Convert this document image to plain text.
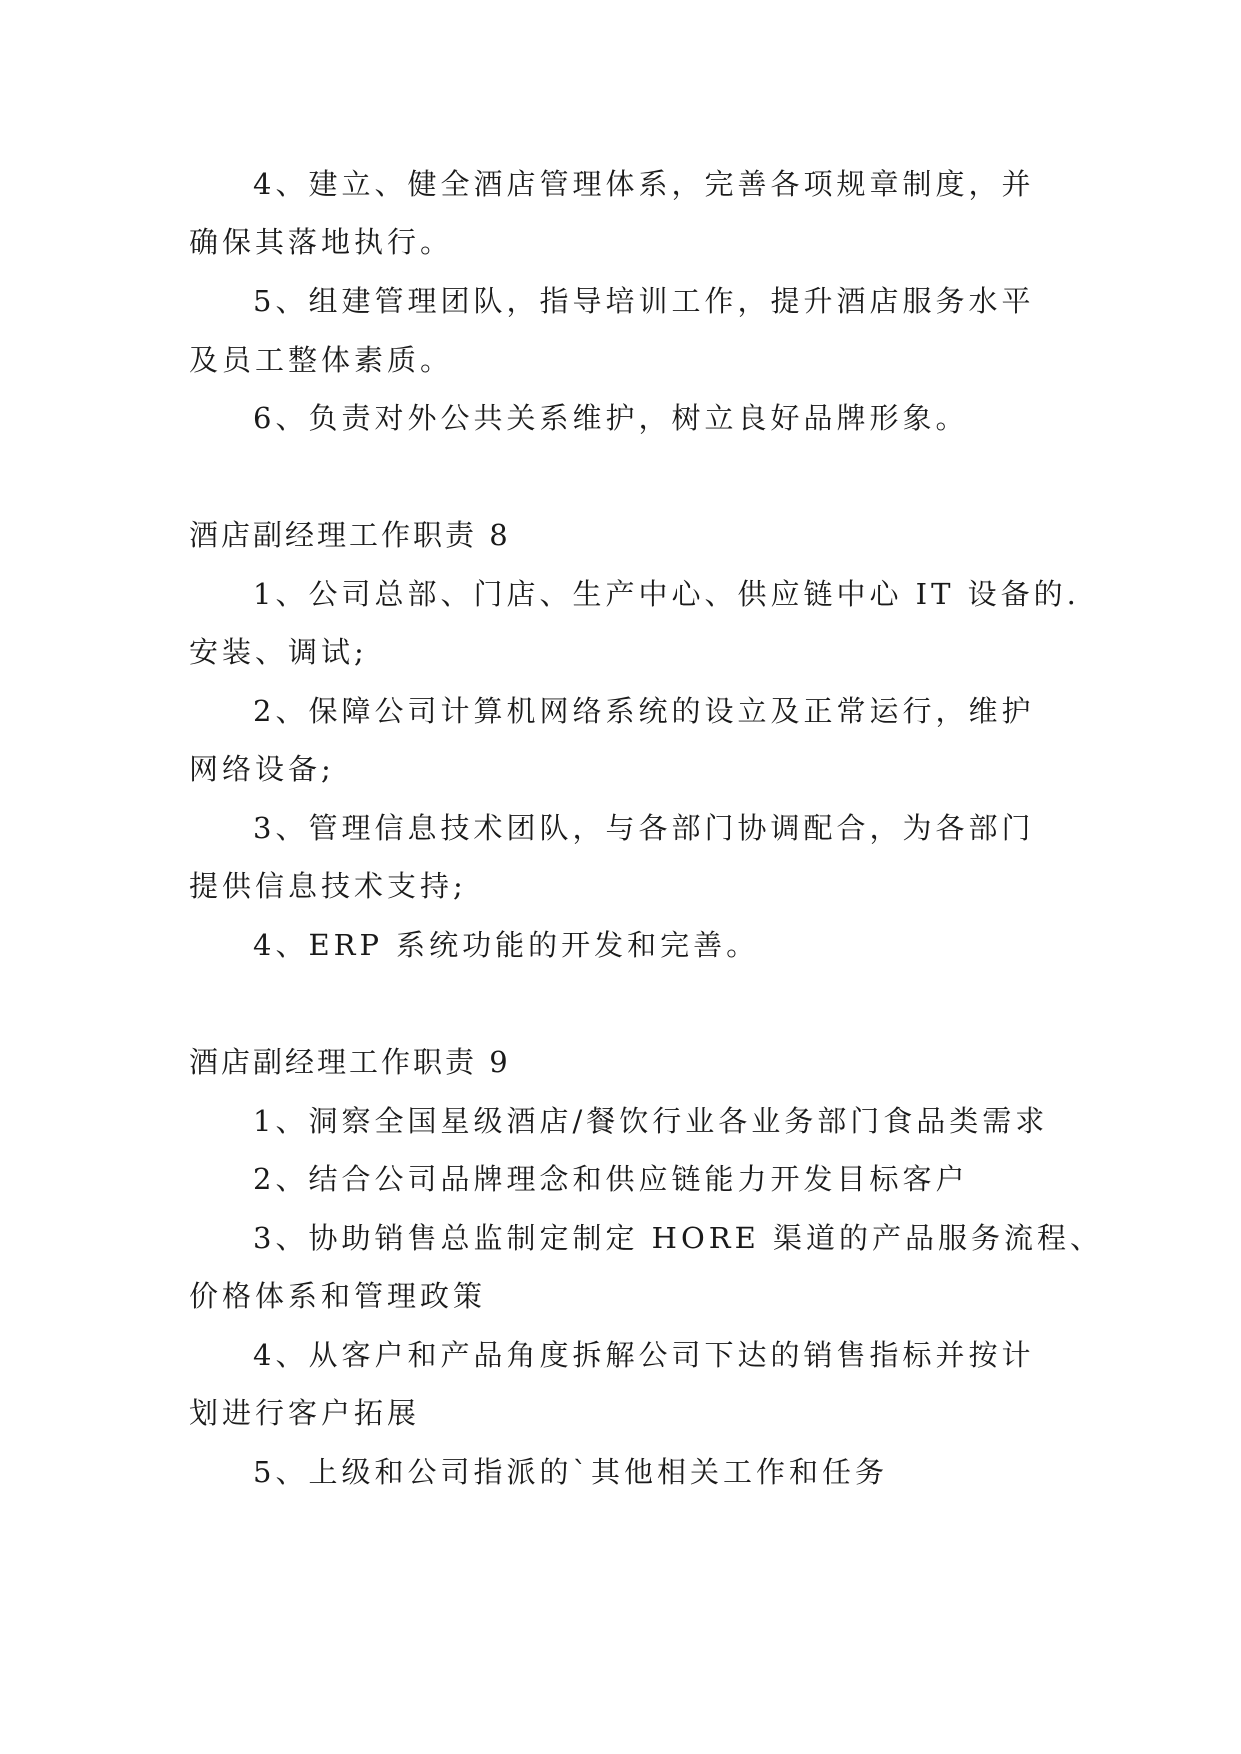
4、建立、健全酒店管理体系，完善各项规章制度，并
确保其落地执行。
5、组建管理团队，指导培训工作，提升酒店服务水平
及员工整体素质。
6、负责对外公共关系维护，树立良好品牌形象。
酒店副经理工作职责 8
1、公司总部、门店、生产中心、供应链中心 IT 设备的.
安装、调试;
2、保障公司计算机网络系统的设立及正常运行，维护
网络设备;
3、管理信息技术团队，与各部门协调配合，为各部门
提供信息技术支持;
4、ERP 系统功能的开发和完善。
酒店副经理工作职责 9
1、洞察全国星级酒店/餐饮行业各业务部门食品类需求
2、结合公司品牌理念和供应链能力开发目标客户
3、协助销售总监制定制定 HORE 渠道的产品服务流程、
价格体系和管理政策
4、从客户和产品角度拆解公司下达的销售指标并按计
划进行客户拓展
5、上级和公司指派的`其他相关工作和任务
